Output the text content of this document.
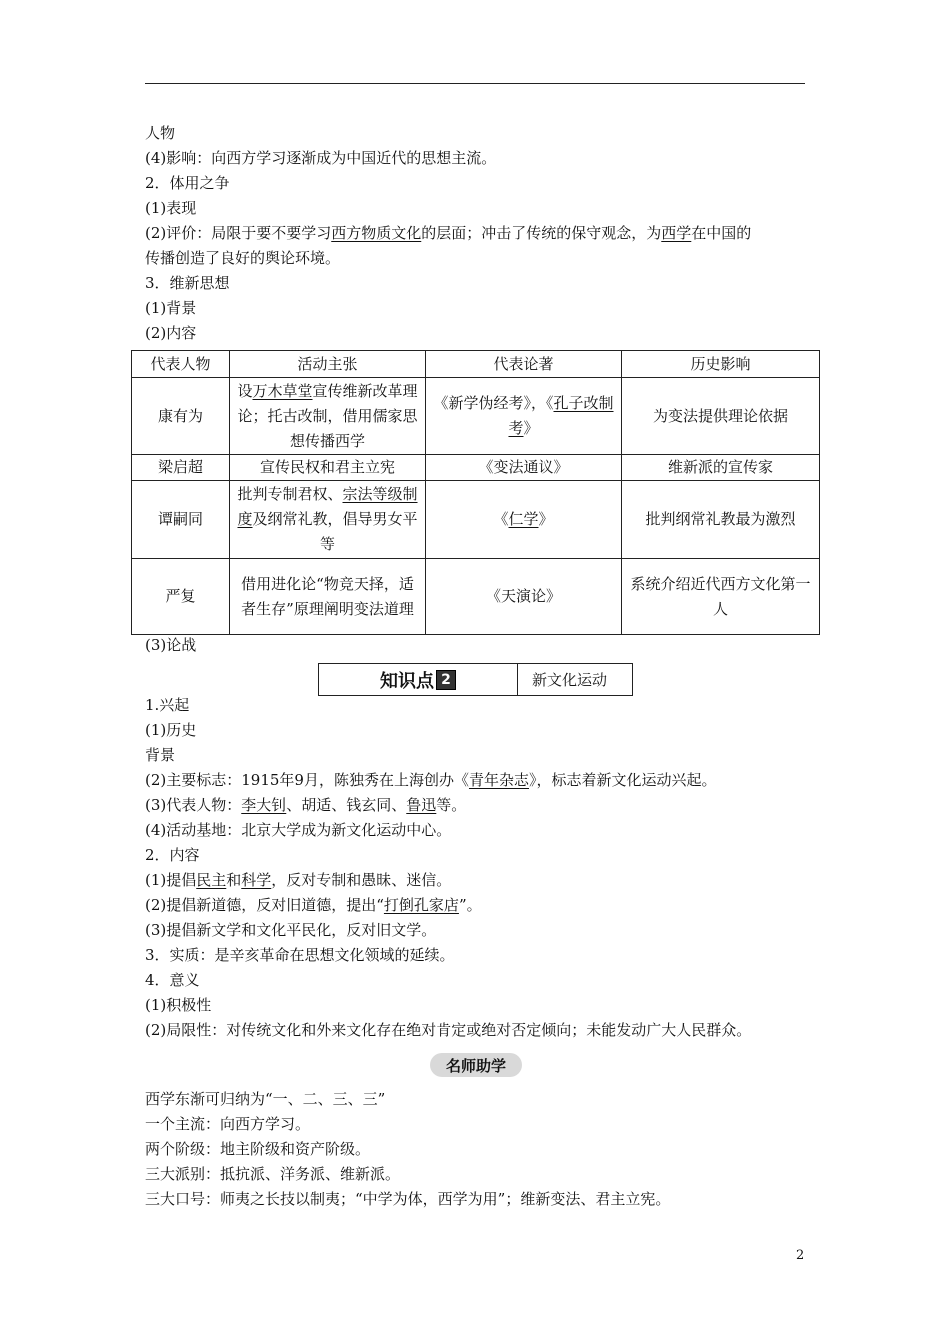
人物
(4)影响：向西方学习逐渐成为中国近代的思想主流。
2．体用之争
(1)表现
(2)评价：局限于要不要学习西方物质文化的层面；冲击了传统的保守观念，为西学在中国的
传播创造了良好的舆论环境。
3．维新思想
(1)背景
(2)内容
代表人物	活动主张	代表论著	历史影响
康有为	设万木草堂宣传维新改革理论；托古改制，借用儒家思想传播西学	《新学伪经考》，《孔子改制考》	为变法提供理论依据
梁启超	宣传民权和君主立宪	《变法通议》	维新派的宣传家
谭嗣同	批判专制君权、宗法等级制度及纲常礼教，倡导男女平等	《仁学》	批判纲常礼教最为激烈
严复	借用进化论“物竞天择，适者生存”原理阐明变法道理	《天演论》	系统介绍近代西方文化第一人
(3)论战
知识点 2	新文化运动
1.兴起
(1)历史
背景
(2)主要标志：1915年9月，陈独秀在上海创办《青年杂志》，标志着新文化运动兴起。
(3)代表人物：李大钊、胡适、钱玄同、鲁迅等。
(4)活动基地：北京大学成为新文化运动中心。
2．内容
(1)提倡民主和科学，反对专制和愚昧、迷信。
(2)提倡新道德，反对旧道德，提出“打倒孔家店”。
(3)提倡新文学和文化平民化，反对旧文学。
3．实质：是辛亥革命在思想文化领域的延续。
4．意义
(1)积极性
(2)局限性：对传统文化和外来文化存在绝对肯定或绝对否定倾向；未能发动广大人民群众。
名师助学
西学东渐可归纳为“一、二、三、三”
一个主流：向西方学习。
两个阶级：地主阶级和资产阶级。
三大派别：抵抗派、洋务派、维新派。
三大口号：师夷之长技以制夷；“中学为体，西学为用”；维新变法、君主立宪。
2
